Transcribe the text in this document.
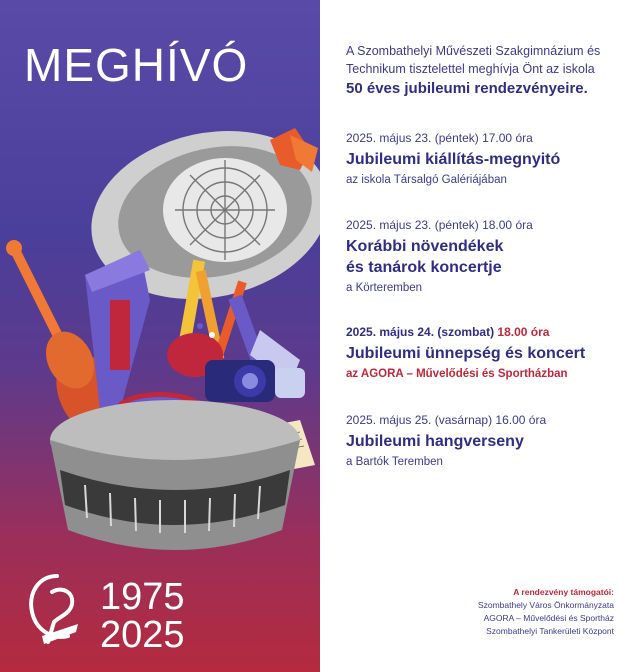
MEGHÍVÓ
1975
2025
A Szombathelyi Művészeti Szakgimnázium és Technikum tisztelettel meghívja Önt az iskola
50 éves jubileumi rendezvényeire.
2025. május 23. (péntek) 17.00 óra
Jubileumi kiállítás-megnyitó
az iskola Társalgó Galériájában
2025. május 23. (péntek) 18.00 óra
Korábbi növendékek
és tanárok koncertje
a Körteremben
2025. május 24. (szombat) 18.00 óra
Jubileumi ünnepség és koncert
az AGORA – Művelődési és Sportházban
2025. május 25. (vasárnap) 16.00 óra
Jubileumi hangverseny
a Bartók Teremben
A rendezvény támogatói:
Szombathely Város Önkormányzata
AGORA – Művelődési és Sportház
Szombathelyi Tankerületi Központ
